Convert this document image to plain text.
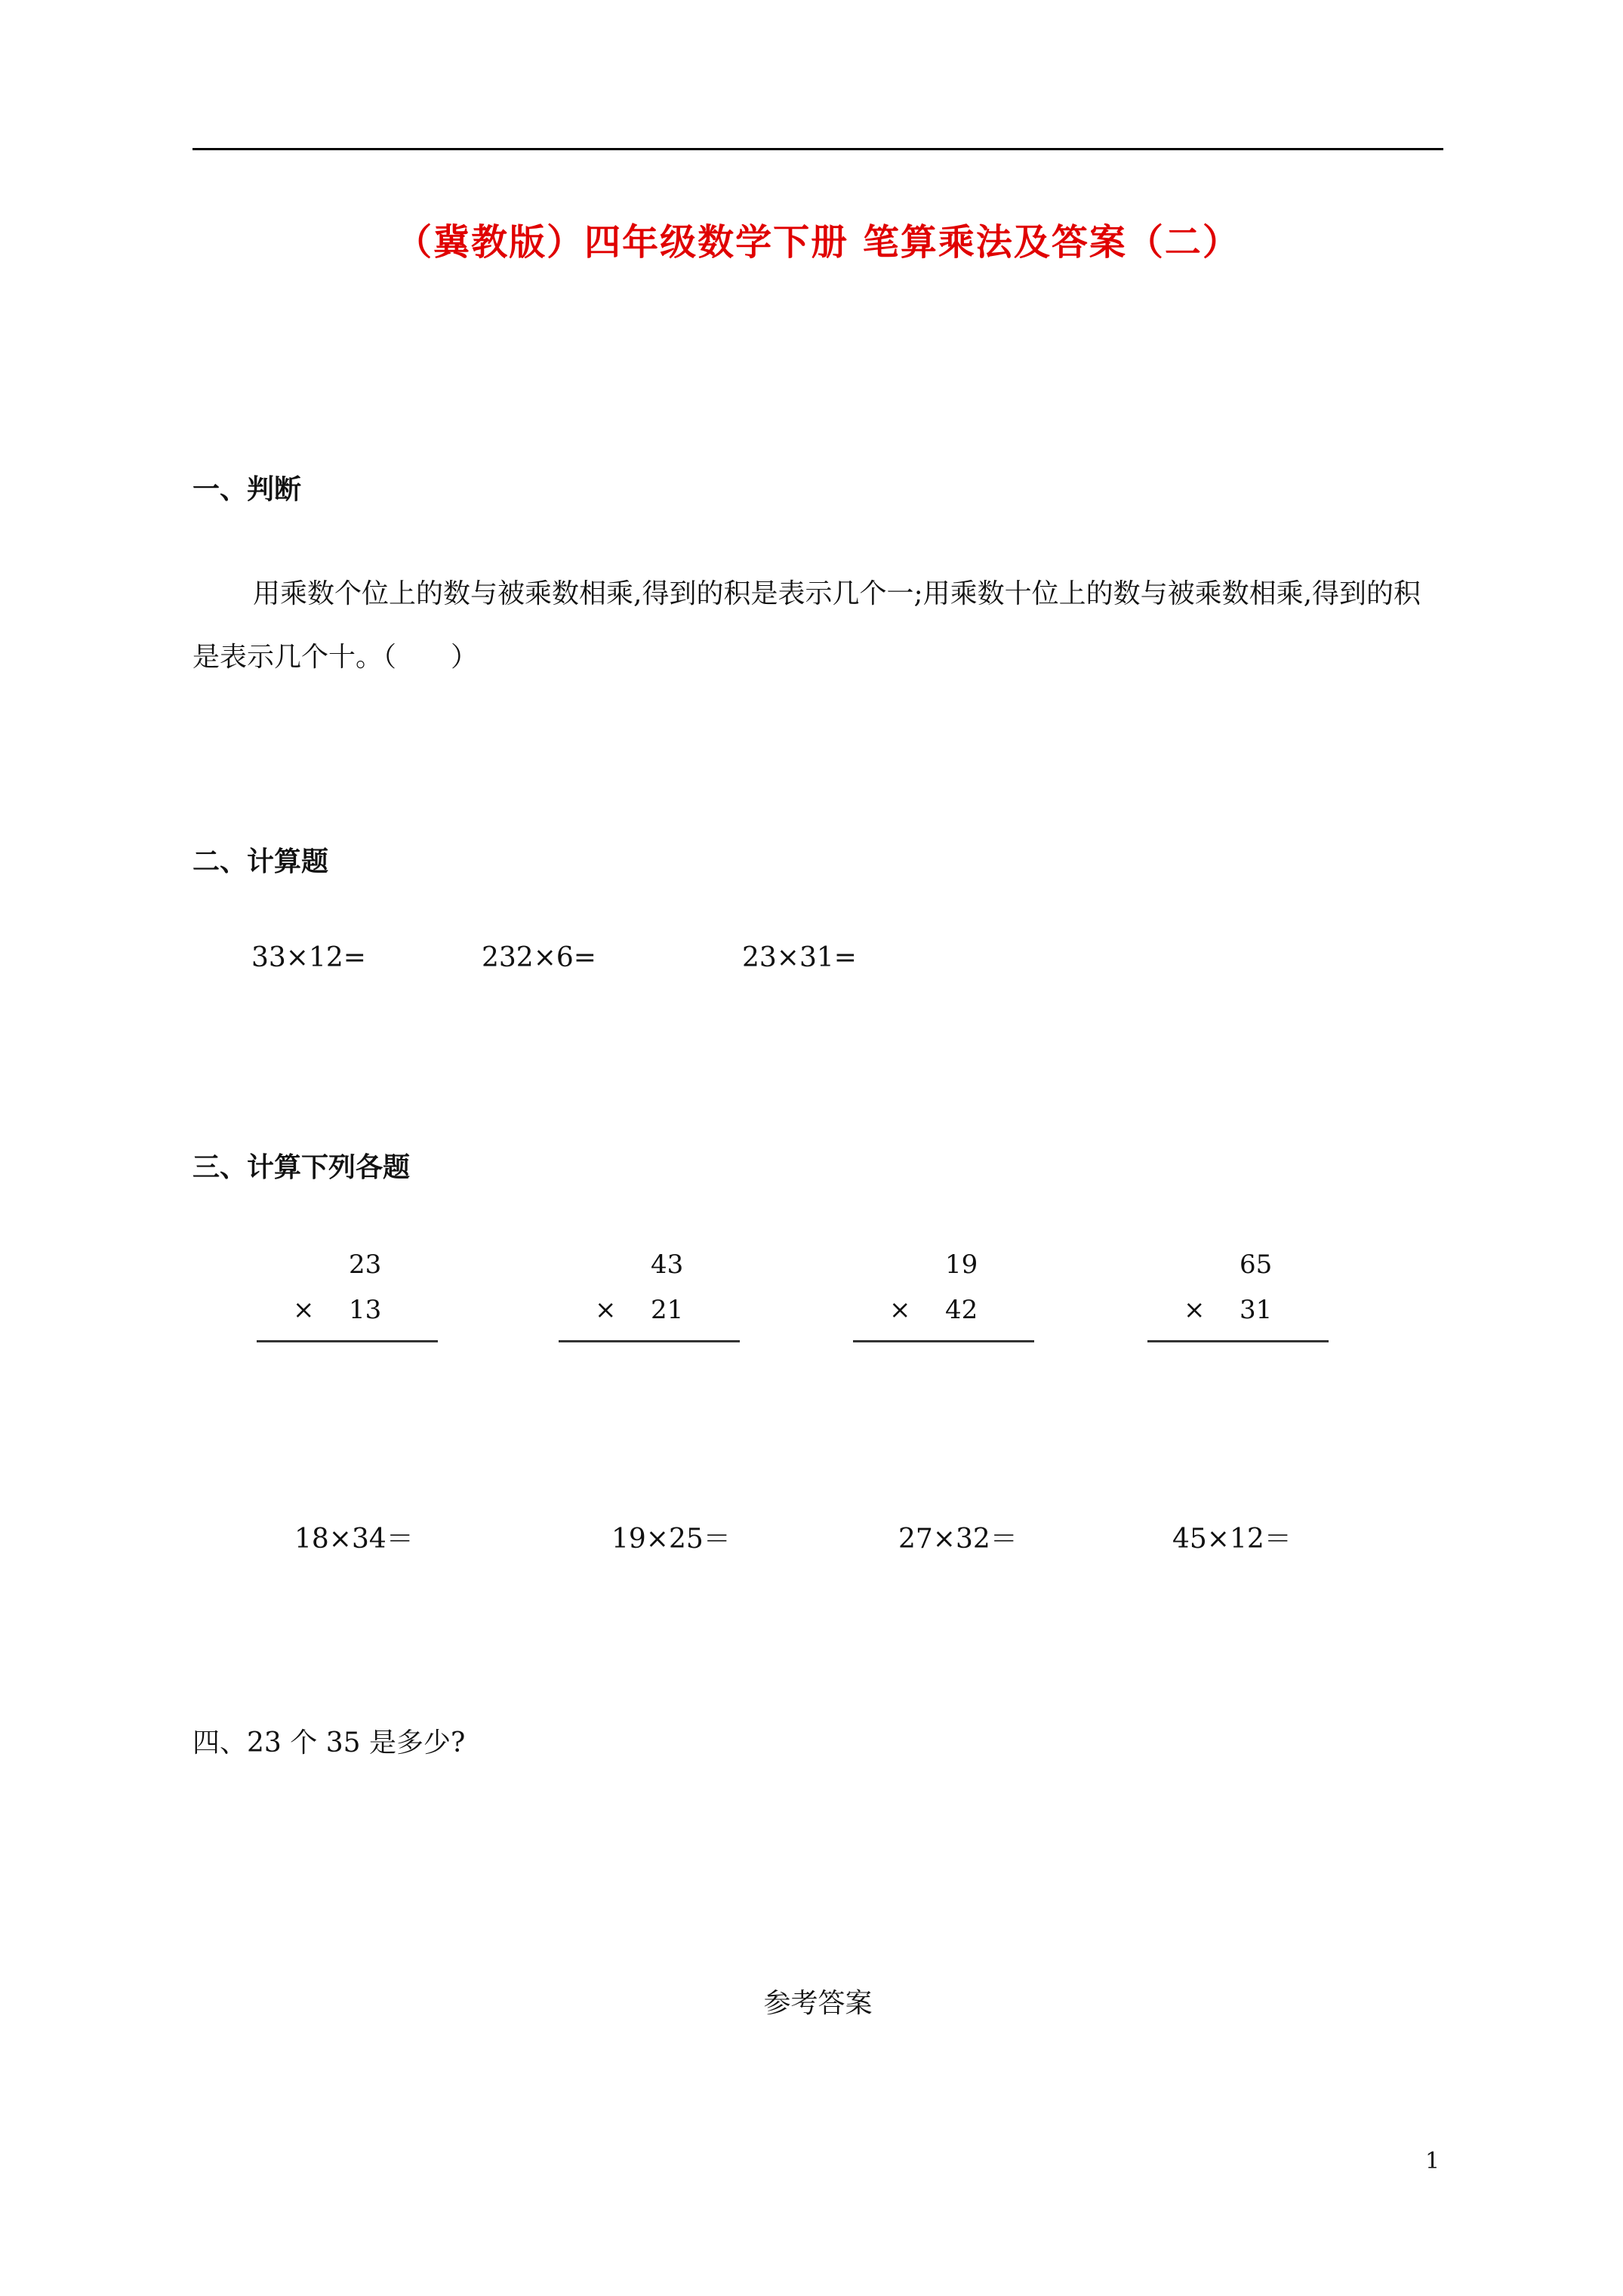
（冀教版）四年级数学下册 笔算乘法及答案（二）
一、判断
用乘数个位上的数与被乘数相乘,得到的积是表示几个一;用乘数十位上的数与被乘数相乘,得到的积是表示几个十。（　　）
二、计算题
33×12=	232×6=	23×31=
三、计算下列各题
23
× 13
43
× 21
19
× 42
65
× 31
18×34＝	19×25＝	27×32＝	45×12＝
四、23 个 35 是多少?
参考答案
1
